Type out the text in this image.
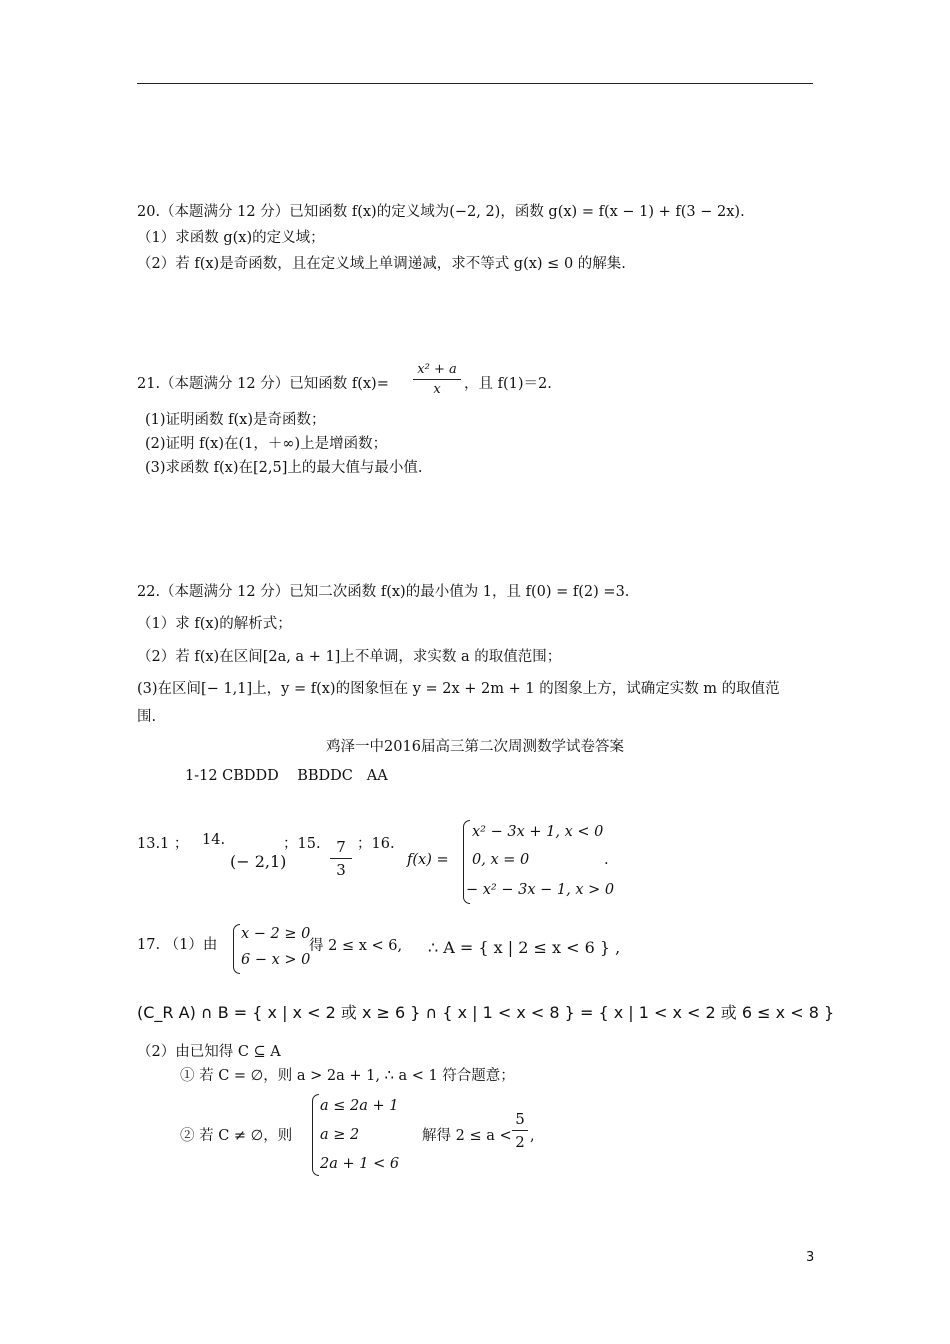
20.（本题满分 12 分）已知函数 f(x)的定义域为(−2, 2)，函数 g(x) = f(x − 1) + f(3 − 2x).
（1）求函数 g(x)的定义域；
（2）若 f(x)是奇函数，且在定义域上单调递减，求不等式 g(x) ≤ 0 的解集.
21.（本题满分 12 分）已知函数 f(x)=
x² + a
x	，且 f(1)＝2.
(1)证明函数 f(x)是奇函数；
(2)证明 f(x)在(1，＋∞)上是增函数；
(3)求函数 f(x)在[2,5]上的最大值与最小值.
22.（本题满分 12 分）已知二次函数 f(x)的最小值为 1，且 f(0) = f(2) =3.
（1）求 f(x)的解析式；
（2）若 f(x)在区间[2a, a + 1]上不单调，求实数 a 的取值范围；
(3)在区间[− 1,1]上，y = f(x)的图象恒在 y = 2x + 2m + 1 的图象上方，试确定实数 m 的取值范
围.
鸡泽一中2016届高三第二次周测数学试卷答案
1-12 CBDDD    BBDDC   AA
13.1 ； 14.
(− 2,1)
；15.	7
3
；16.
f(x) =
x² − 3x + 1, x < 0
0, x = 0
− x² − 3x − 1, x > 0
.
17. （1）由
x − 2 ≥ 0
6 − x > 0
得 2 ≤ x < 6, ∴ A = { x | 2 ≤ x < 6 } ,
(C_R A) ∩ B = { x | x < 2 或 x ≥ 6 } ∩ { x | 1 < x < 8 } = { x | 1 < x < 2 或 6 ≤ x < 8 }
（2）由已知得 C ⊆ A
① 若 C = ∅，则 a > 2a + 1, ∴ a < 1 符合题意；
② 若 C ≠ ∅，则
a ≤ 2a + 1
a ≥ 2
2a + 1 < 6
解得 2 ≤ a <
5
2 ,
3
